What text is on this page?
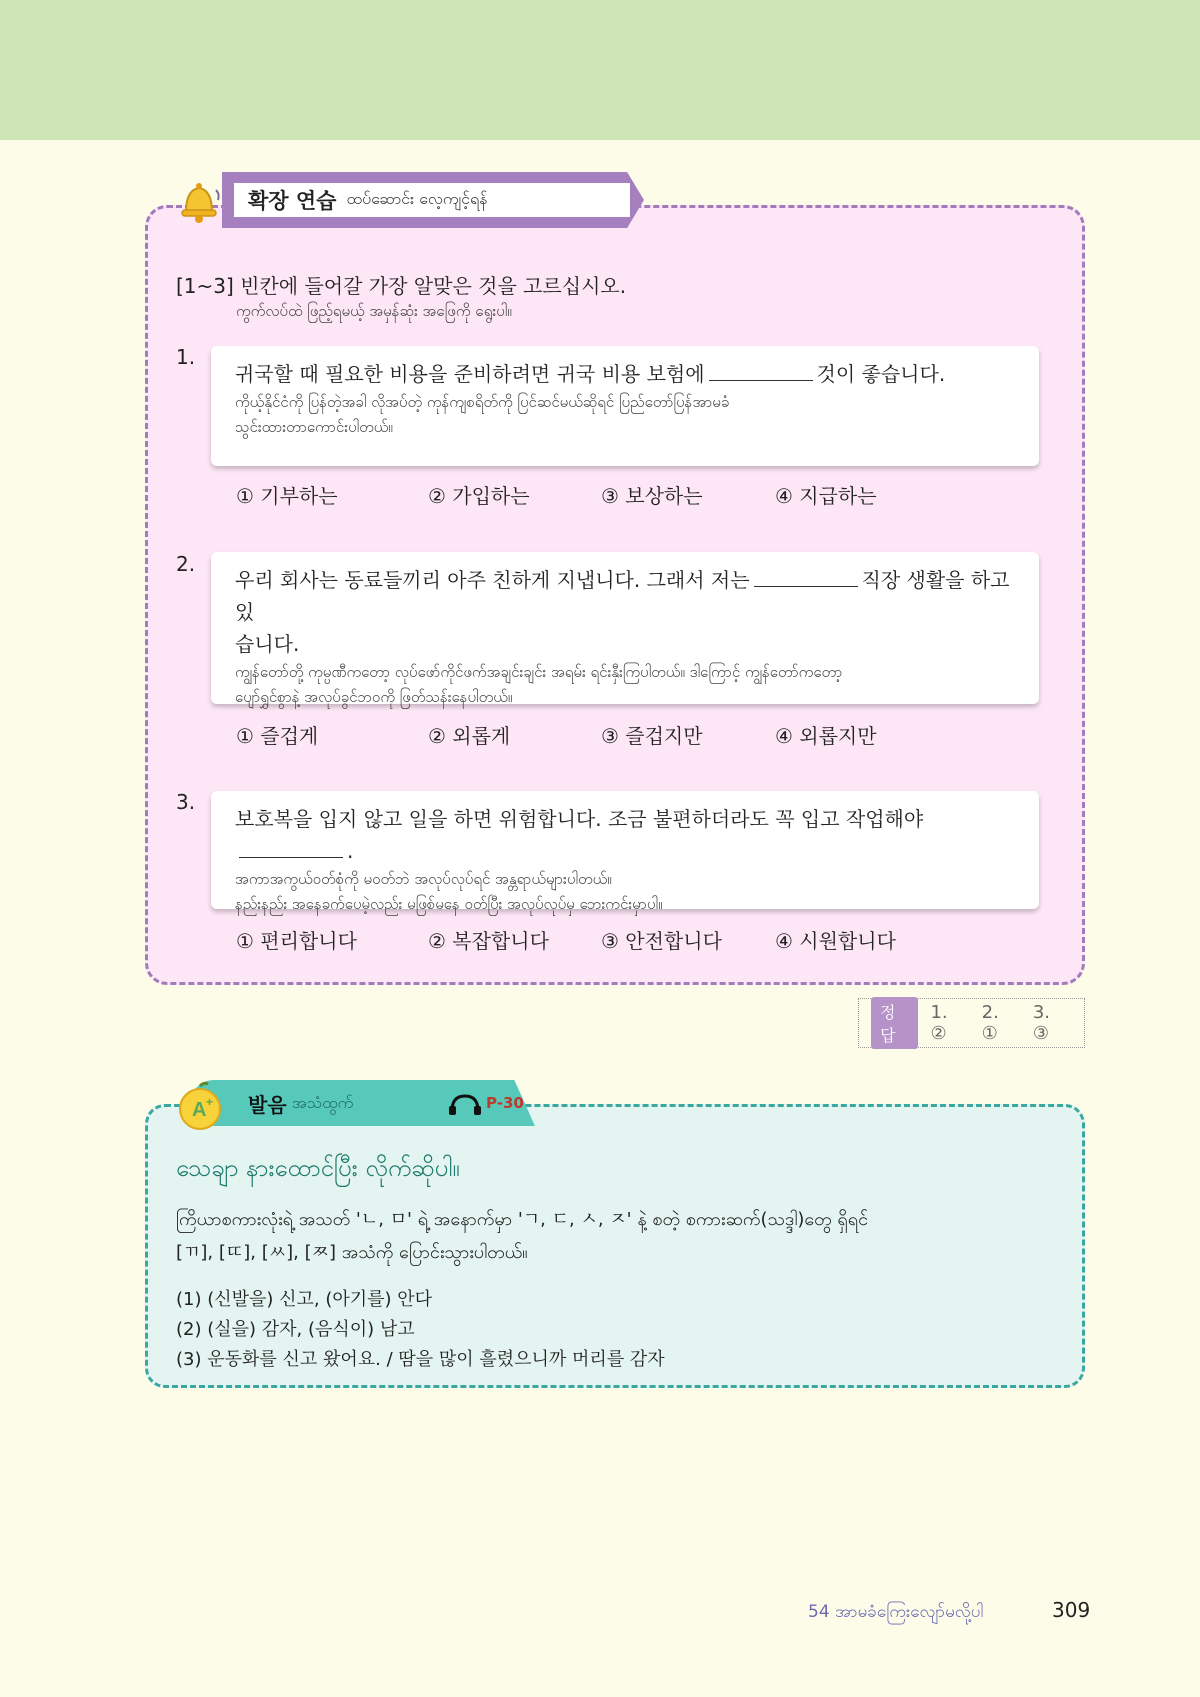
확장 연습 ထပ်ဆောင်း လေ့ကျင့်ရန်
[1~3] 빈칸에 들어갈 가장 알맞은 것을 고르십시오.
ကွက်လပ်ထဲ ဖြည့်ရမယ့် အမှန်ဆုံး အဖြေကို ရွေးပါ။
1.
귀국할 때 필요한 비용을 준비하려면 귀국 비용 보험에	것이 좋습니다.
ကိုယ့်နိုင်ငံကို ပြန်တဲ့အခါ လိုအပ်တဲ့ ကုန်ကျစရိတ်ကို ပြင်ဆင်မယ်ဆိုရင် ပြည်တော်ပြန်အာမခံ
သွင်းထားတာကောင်းပါတယ်။
① 기부하는	② 가입하는	③ 보상하는	④ 지급하는
2.
우리 회사는 동료들끼리 아주 친하게 지냅니다. 그래서 저는	직장 생활을 하고 있
습니다.
ကျွန်တော်တို့ ကုမ္ပဏီကတော့ လုပ်ဖော်ကိုင်ဖက်အချင်းချင်း အရမ်း ရင်းနှီးကြပါတယ်။ ဒါကြောင့် ကျွန်တော်ကတော့
ပျော်ရွှင်စွာနဲ့ အလုပ်ခွင်ဘဝကို ဖြတ်သန်းနေပါတယ်။
① 즐겁게	② 외롭게	③ 즐겁지만	④ 외롭지만
3.
보호복을 입지 않고 일을 하면 위험합니다. 조금 불편하더라도 꼭 입고 작업해야.
အကာအကွယ်ဝတ်စုံကို မဝတ်ဘဲ အလုပ်လုပ်ရင် အန္တရာယ်များပါတယ်။
နည်းနည်း အနေခက်ပေမဲ့လည်း မဖြစ်မနေ ဝတ်ပြီး အလုပ်လုပ်မှ ဘေးကင်းမှာပါ။
① 편리합니다	② 복잡합니다	③ 안전합니다	④ 시원합니다
정답
1. ②
2. ①
3. ③
A + 발음 အသံထွက်	P-30
သေချာ နားထောင်ပြီး လိုက်ဆိုပါ။
ကြိယာစကားလုံးရဲ့ အသတ် 'ㄴ, ㅁ' ရဲ့ အနောက်မှာ 'ㄱ, ㄷ, ㅅ, ㅈ' နဲ့ စတဲ့ စကားဆက်(သဒ္ဒါ)တွေ ရှိရင်
[ㄲ], [ㄸ], [ㅆ], [ㅉ] အသံကို ပြောင်းသွားပါတယ်။
(1) (신발을) 신고, (아기를) 안다
(2) (실을) 감자, (음식이) 남고
(3) 운동화를 신고 왔어요. / 땀을 많이 흘렸으니까 머리를 감자
54 အာမခံကြေးလျော်မလို့ပါ	309
